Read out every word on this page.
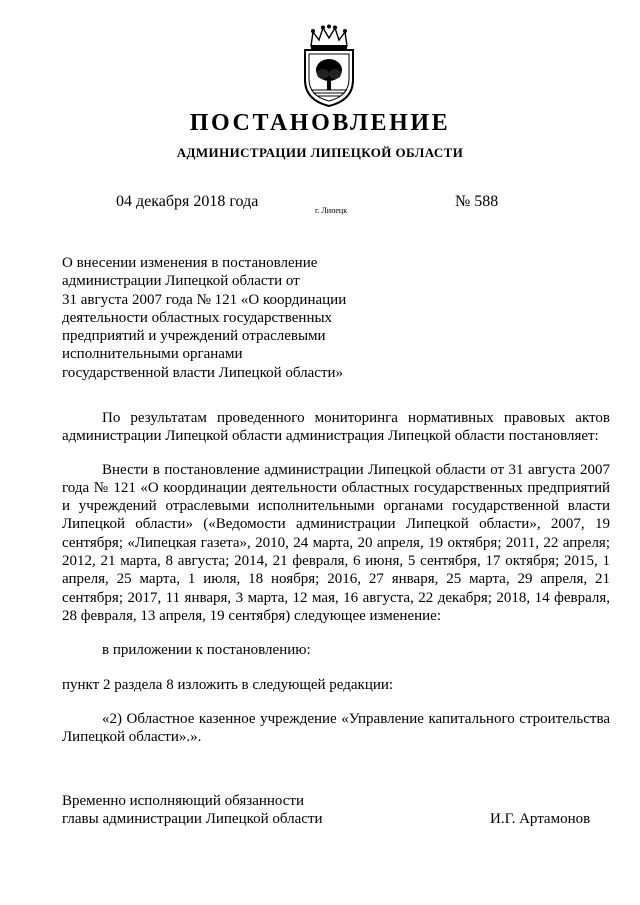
ПОСТАНОВЛЕНИЕ
АДМИНИСТРАЦИИ ЛИПЕЦКОЙ ОБЛАСТИ
04 декабря 2018 года
г. Липецк
№ 588
О внесении изменения в постановление
администрации Липецкой области от
31 августа 2007 года № 121 «О координации
деятельности областных государственных
предприятий и учреждений отраслевыми
исполнительными органами
государственной власти Липецкой области»

По результатам проведенного мониторинга нормативных правовых актов администрации Липецкой области администрация Липецкой области постановляет:

Внести в постановление администрации Липецкой области от 31 августа 2007 года № 121 «О координации деятельности областных государственных предприятий и учреждений отраслевыми исполнительными органами государственной власти Липецкой области» («Ведомости администрации Липецкой области», 2007, 19 сентября; «Липецкая газета», 2010, 24 марта, 20 апреля, 19 октября; 2011, 22 апреля; 2012, 21 марта, 8 августа; 2014, 21 февраля, 6 июня, 5 сентября, 17 октября; 2015, 1 апреля, 25 марта, 1 июля, 18 ноября; 2016, 27 января, 25 марта, 29 апреля, 21 сентября; 2017, 11 января, 3 марта, 12 мая, 16 августа, 22 декабря; 2018, 14 февраля, 28 февраля, 13 апреля, 19 сентября) следующее изменение:

в приложении к постановлению:

пункт 2 раздела 8 изложить в следующей редакции:

«2) Областное казенное учреждение «Управление капитального строительства Липецкой области».».

Временно исполняющий обязанности
главы администрации Липецкой области	И.Г. Артамонов
